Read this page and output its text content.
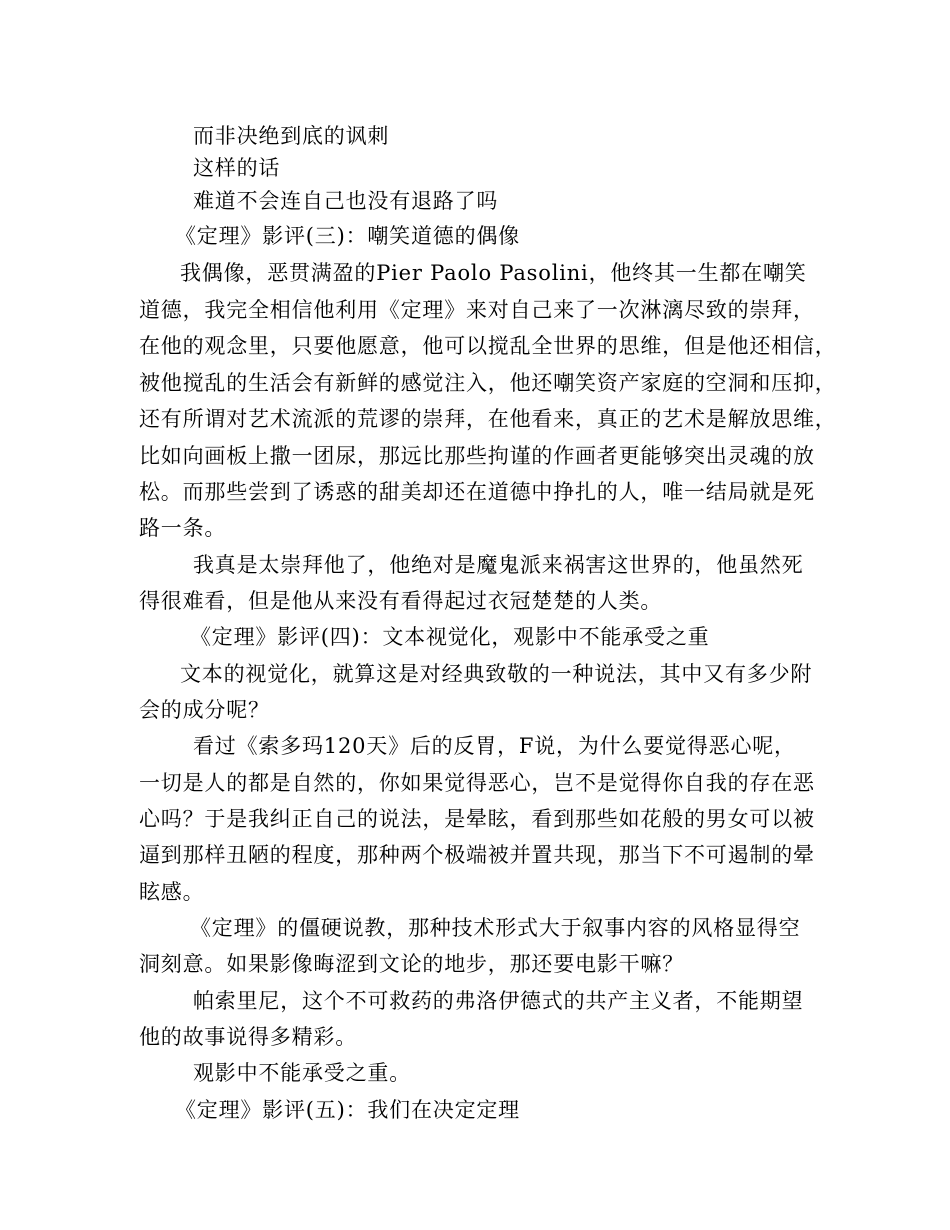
而非决绝到底的讽刺
这样的话
难道不会连自己也没有退路了吗
《定理》影评(三)：嘲笑道德的偶像
我偶像，恶贯满盈的Pier Paolo Pasolini，他终其一生都在嘲笑
道德，我完全相信他利用《定理》来对自己来了一次淋漓尽致的崇拜，
在他的观念里，只要他愿意，他可以搅乱全世界的思维，但是他还相信，
被他搅乱的生活会有新鲜的感觉注入，他还嘲笑资产家庭的空洞和压抑，
还有所谓对艺术流派的荒谬的崇拜，在他看来，真正的艺术是解放思维，
比如向画板上撒一团尿，那远比那些拘谨的作画者更能够突出灵魂的放
松。而那些尝到了诱惑的甜美却还在道德中挣扎的人，唯一结局就是死
路一条。
我真是太崇拜他了，他绝对是魔鬼派来祸害这世界的，他虽然死
得很难看，但是他从来没有看得起过衣冠楚楚的人类。
《定理》影评(四)：文本视觉化，观影中不能承受之重
文本的视觉化，就算这是对经典致敬的一种说法，其中又有多少附
会的成分呢？
看过《索多玛120天》后的反胃，F说，为什么要觉得恶心呢，
一切是人的都是自然的，你如果觉得恶心，岂不是觉得你自我的存在恶
心吗？于是我纠正自己的说法，是晕眩，看到那些如花般的男女可以被
逼到那样丑陋的程度，那种两个极端被并置共现，那当下不可遏制的晕
眩感。
《定理》的僵硬说教，那种技术形式大于叙事内容的风格显得空
洞刻意。如果影像晦涩到文论的地步，那还要电影干嘛？
帕索里尼，这个不可救药的弗洛伊德式的共产主义者，不能期望
他的故事说得多精彩。
观影中不能承受之重。
《定理》影评(五)：我们在决定定理
